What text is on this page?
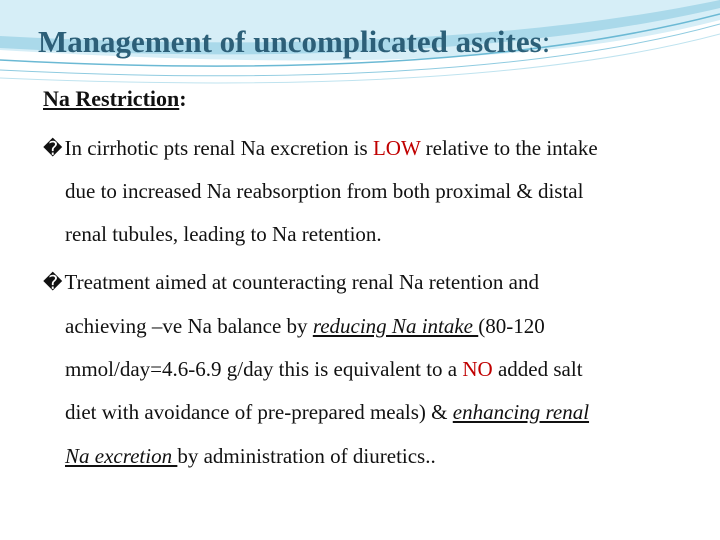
Management of uncomplicated ascites:
Na Restriction:
�In cirrhotic pts renal Na excretion is LOW relative to the intake
due to increased Na reabsorption from both proximal & distal
renal tubules, leading to Na retention.
�Treatment aimed at counteracting renal Na retention and
achieving –ve Na balance by reducing Na intake (80-120
mmol/day=4.6-6.9 g/day this is equivalent to a NO added salt
diet with avoidance of pre-prepared meals) & enhancing renal
Na excretion by administration of diuretics..
